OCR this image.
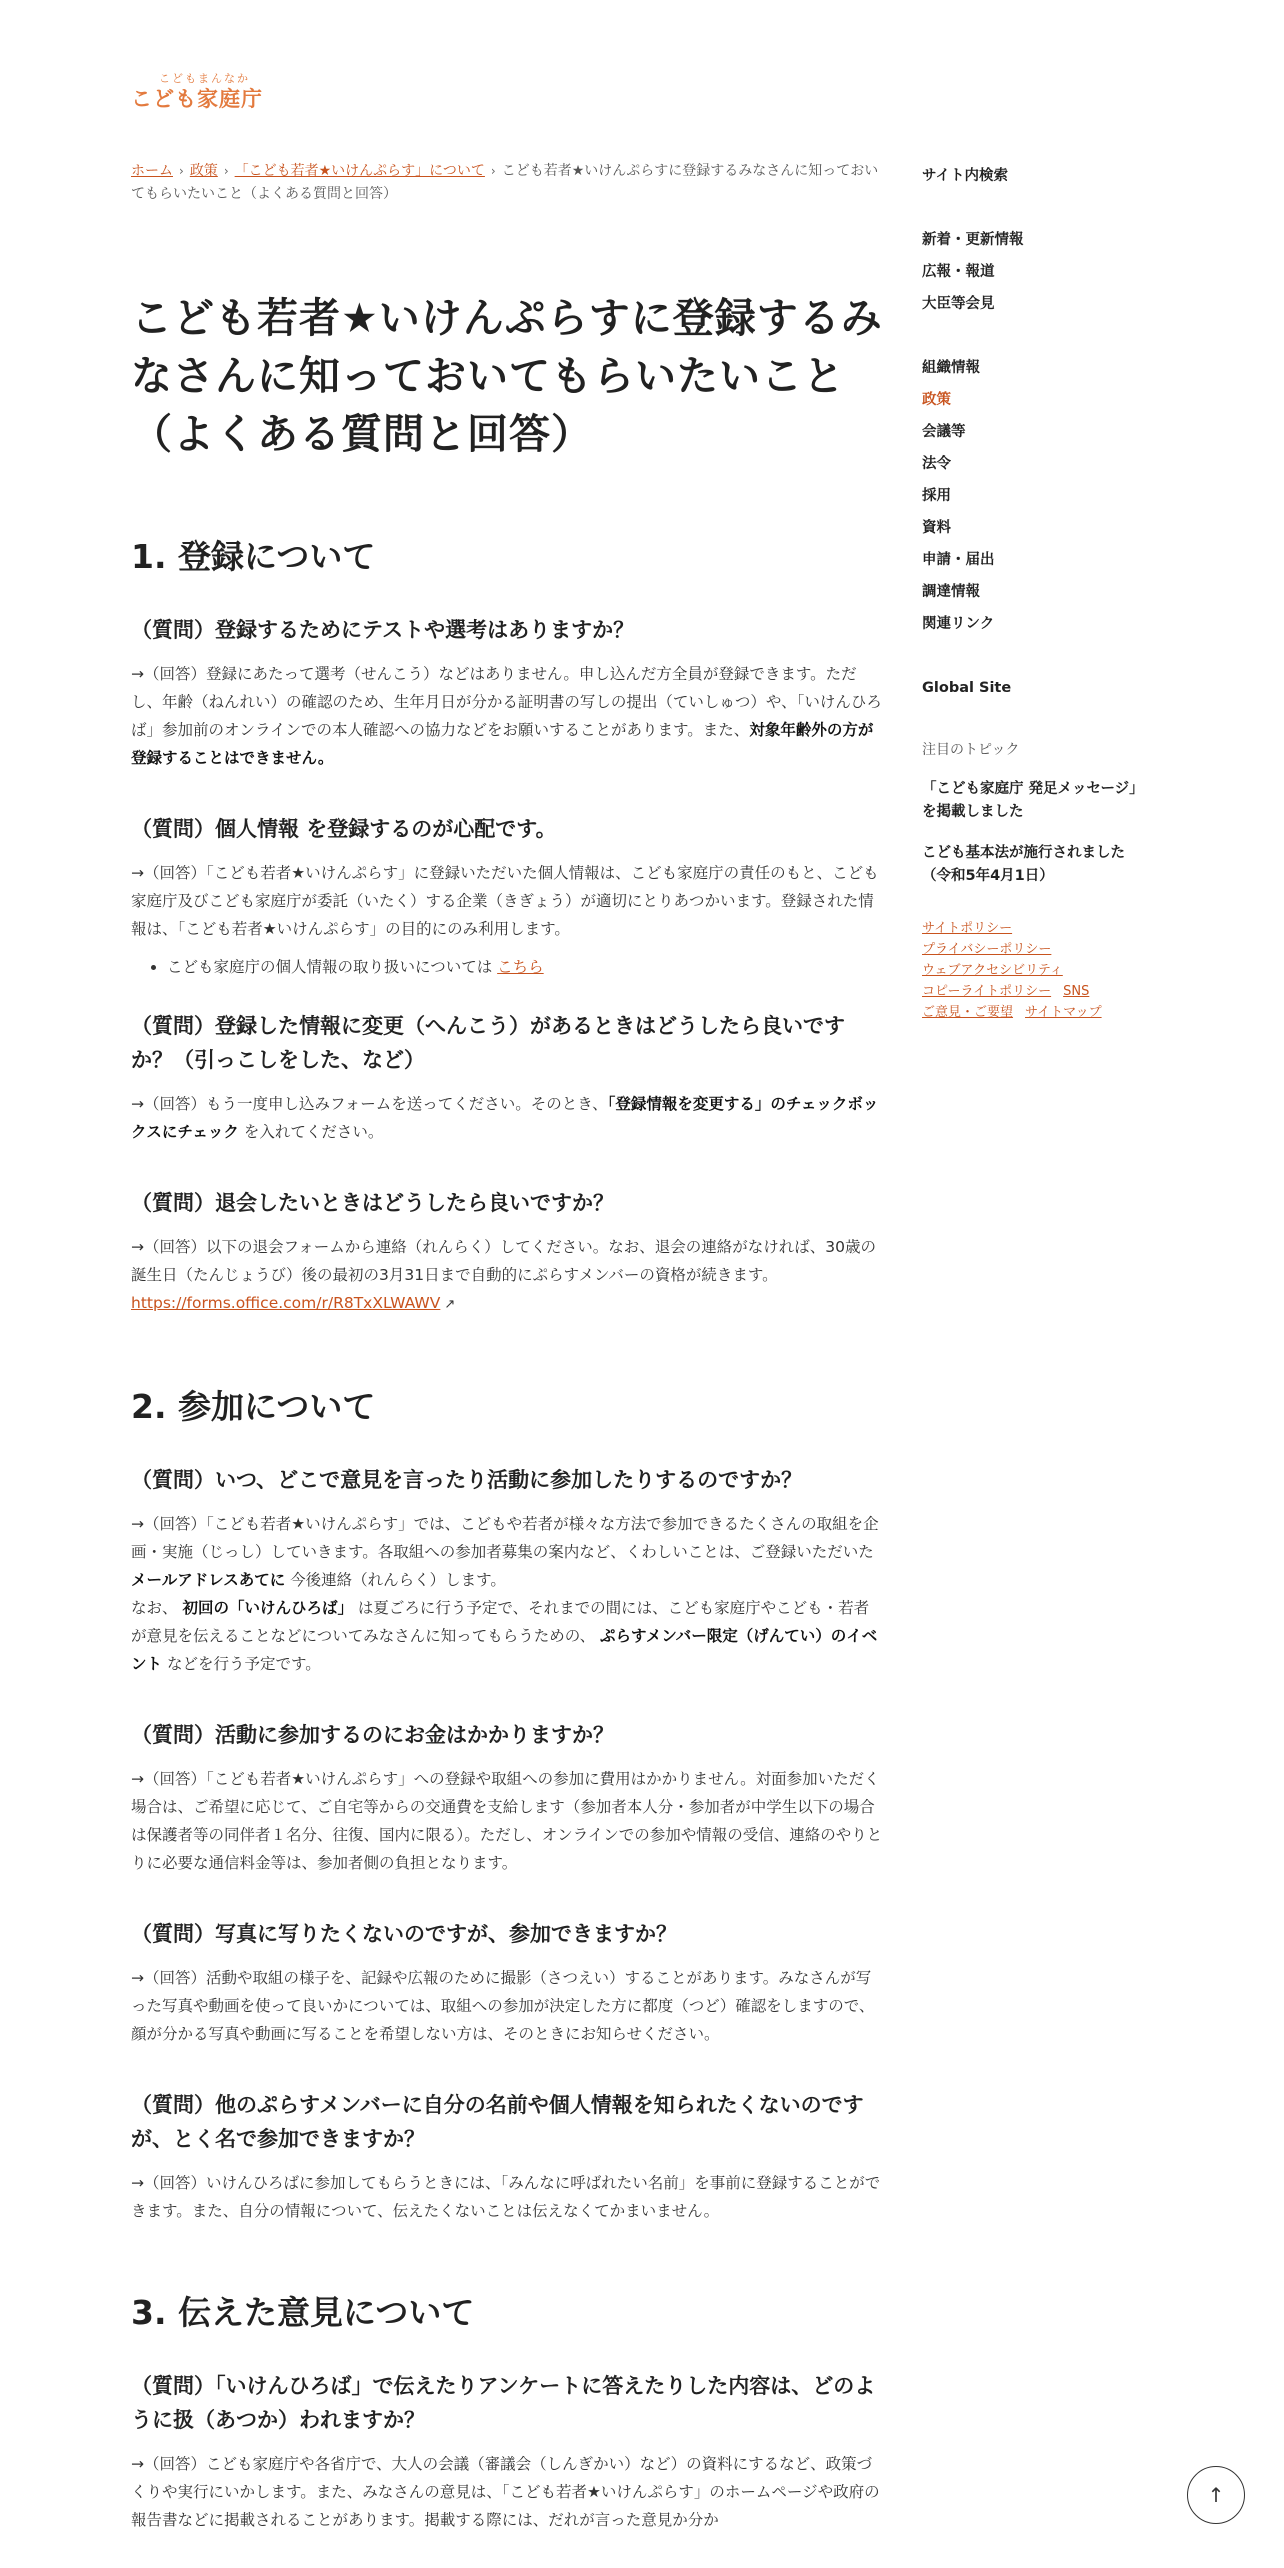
こどもまんなか
こども家庭庁

ホーム › 政策 › 「こども若者★いけんぷらす」について › こども若者★いけんぷらすに登録するみなさんに知っておいてもらいたいこと（よくある質問と回答）

こども若者★いけんぷらすに登録するみなさんに知っておいてもらいたいこと（よくある質問と回答）
1. 登録について
（質問）登録するためにテストや選考はありますか？

→（回答）登録にあたって選考（せんこう）などはありません。申し込んだ方全員が登録できます。ただし、年齢（ねんれい）の確認のため、生年月日が分かる証明書の写しの提出（ていしゅつ）や、「いけんひろば」参加前のオンラインでの本人確認への協力などをお願いすることがあります。また、対象年齢外の方が登録することはできません。

（質問）個人情報 を登録するのが心配です。

→（回答）「こども若者★いけんぷらす」に登録いただいた個人情報は、こども家庭庁の責任のもと、こども家庭庁及びこども家庭庁が委託（いたく）する企業（きぎょう）が適切にとりあつかいます。登録された情報は、「こども若者★いけんぷらす」の目的にのみ利用します。

• こども家庭庁の個人情報の取り扱いについては こちら
（質問）登録した情報に変更（へんこう）があるときはどうしたら良いですか？（引っこしをした、など）

→（回答）もう一度申し込みフォームを送ってください。そのとき、「登録情報を変更する」のチェックボックスにチェック を入れてください。

（質問）退会したいときはどうしたら良いですか？

→（回答）以下の退会フォームから連絡（れんらく）してください。なお、退会の連絡がなければ、30歳の誕生日（たんじょうび）後の最初の3月31日まで自動的にぷらすメンバーの資格が続きます。
https://forms.office.com/r/R8TxXLWAWV ↗

2. 参加について
（質問）いつ、どこで意見を言ったり活動に参加したりするのですか？

→（回答）「こども若者★いけんぷらす」では、こどもや若者が様々な方法で参加できるたくさんの取組を企画・実施（じっし）していきます。各取組への参加者募集の案内など、くわしいことは、ご登録いただいた メールアドレスあてに 今後連絡（れんらく）します。
なお、 初回の「いけんひろば」 は夏ごろに行う予定で、それまでの間には、こども家庭庁やこども・若者が意見を伝えることなどについてみなさんに知ってもらうための、 ぷらすメンバー限定（げんてい）のイベント などを行う予定です。

（質問）活動に参加するのにお金はかかりますか？

→（回答）「こども若者★いけんぷらす」への登録や取組への参加に費用はかかりません。対面参加いただく場合は、ご希望に応じて、ご自宅等からの交通費を支給します（参加者本人分・参加者が中学生以下の場合は保護者等の同伴者１名分、往復、国内に限る）。ただし、オンラインでの参加や情報の受信、連絡のやりとりに必要な通信料金等は、参加者側の負担となります。

（質問）写真に写りたくないのですが、参加できますか？

→（回答）活動や取組の様子を、記録や広報のために撮影（さつえい）することがあります。みなさんが写った写真や動画を使って良いかについては、取組への参加が決定した方に都度（つど）確認をしますので、顔が分かる写真や動画に写ることを希望しない方は、そのときにお知らせください。

（質問）他のぷらすメンバーに自分の名前や個人情報を知られたくないのですが、とく名で参加できますか？

→（回答）いけんひろばに参加してもらうときには、「みんなに呼ばれたい名前」を事前に登録することができます。また、自分の情報について、伝えたくないことは伝えなくてかまいません。

3. 伝えた意見について
（質問）「いけんひろば」で伝えたりアンケートに答えたりした内容は、どのように扱（あつか）われますか？

→（回答）こども家庭庁や各省庁で、大人の会議（審議会（しんぎかい）など）の資料にするなど、政策づくりや実行にいかします。また、みなさんの意見は、「こども若者★いけんぷらす」のホームページや政府の報告書などに掲載されることがあります。掲載する際には、だれが言った意見か分か

サイト内検索
新着・更新情報
広報・報道
大臣等会見
組織情報
政策
会議等
法令
採用
資料
申請・届出
調達情報
関連リンク
Global Site
注目のトピック
「こども家庭庁 発足メッセージ」を掲載しました
こども基本法が施行されました（令和5年4月1日）
サイトポリシー
プライバシーポリシー
ウェブアクセシビリティ
コピーライトポリシー SNS
ご意見・ご要望 サイトマップ
↑
